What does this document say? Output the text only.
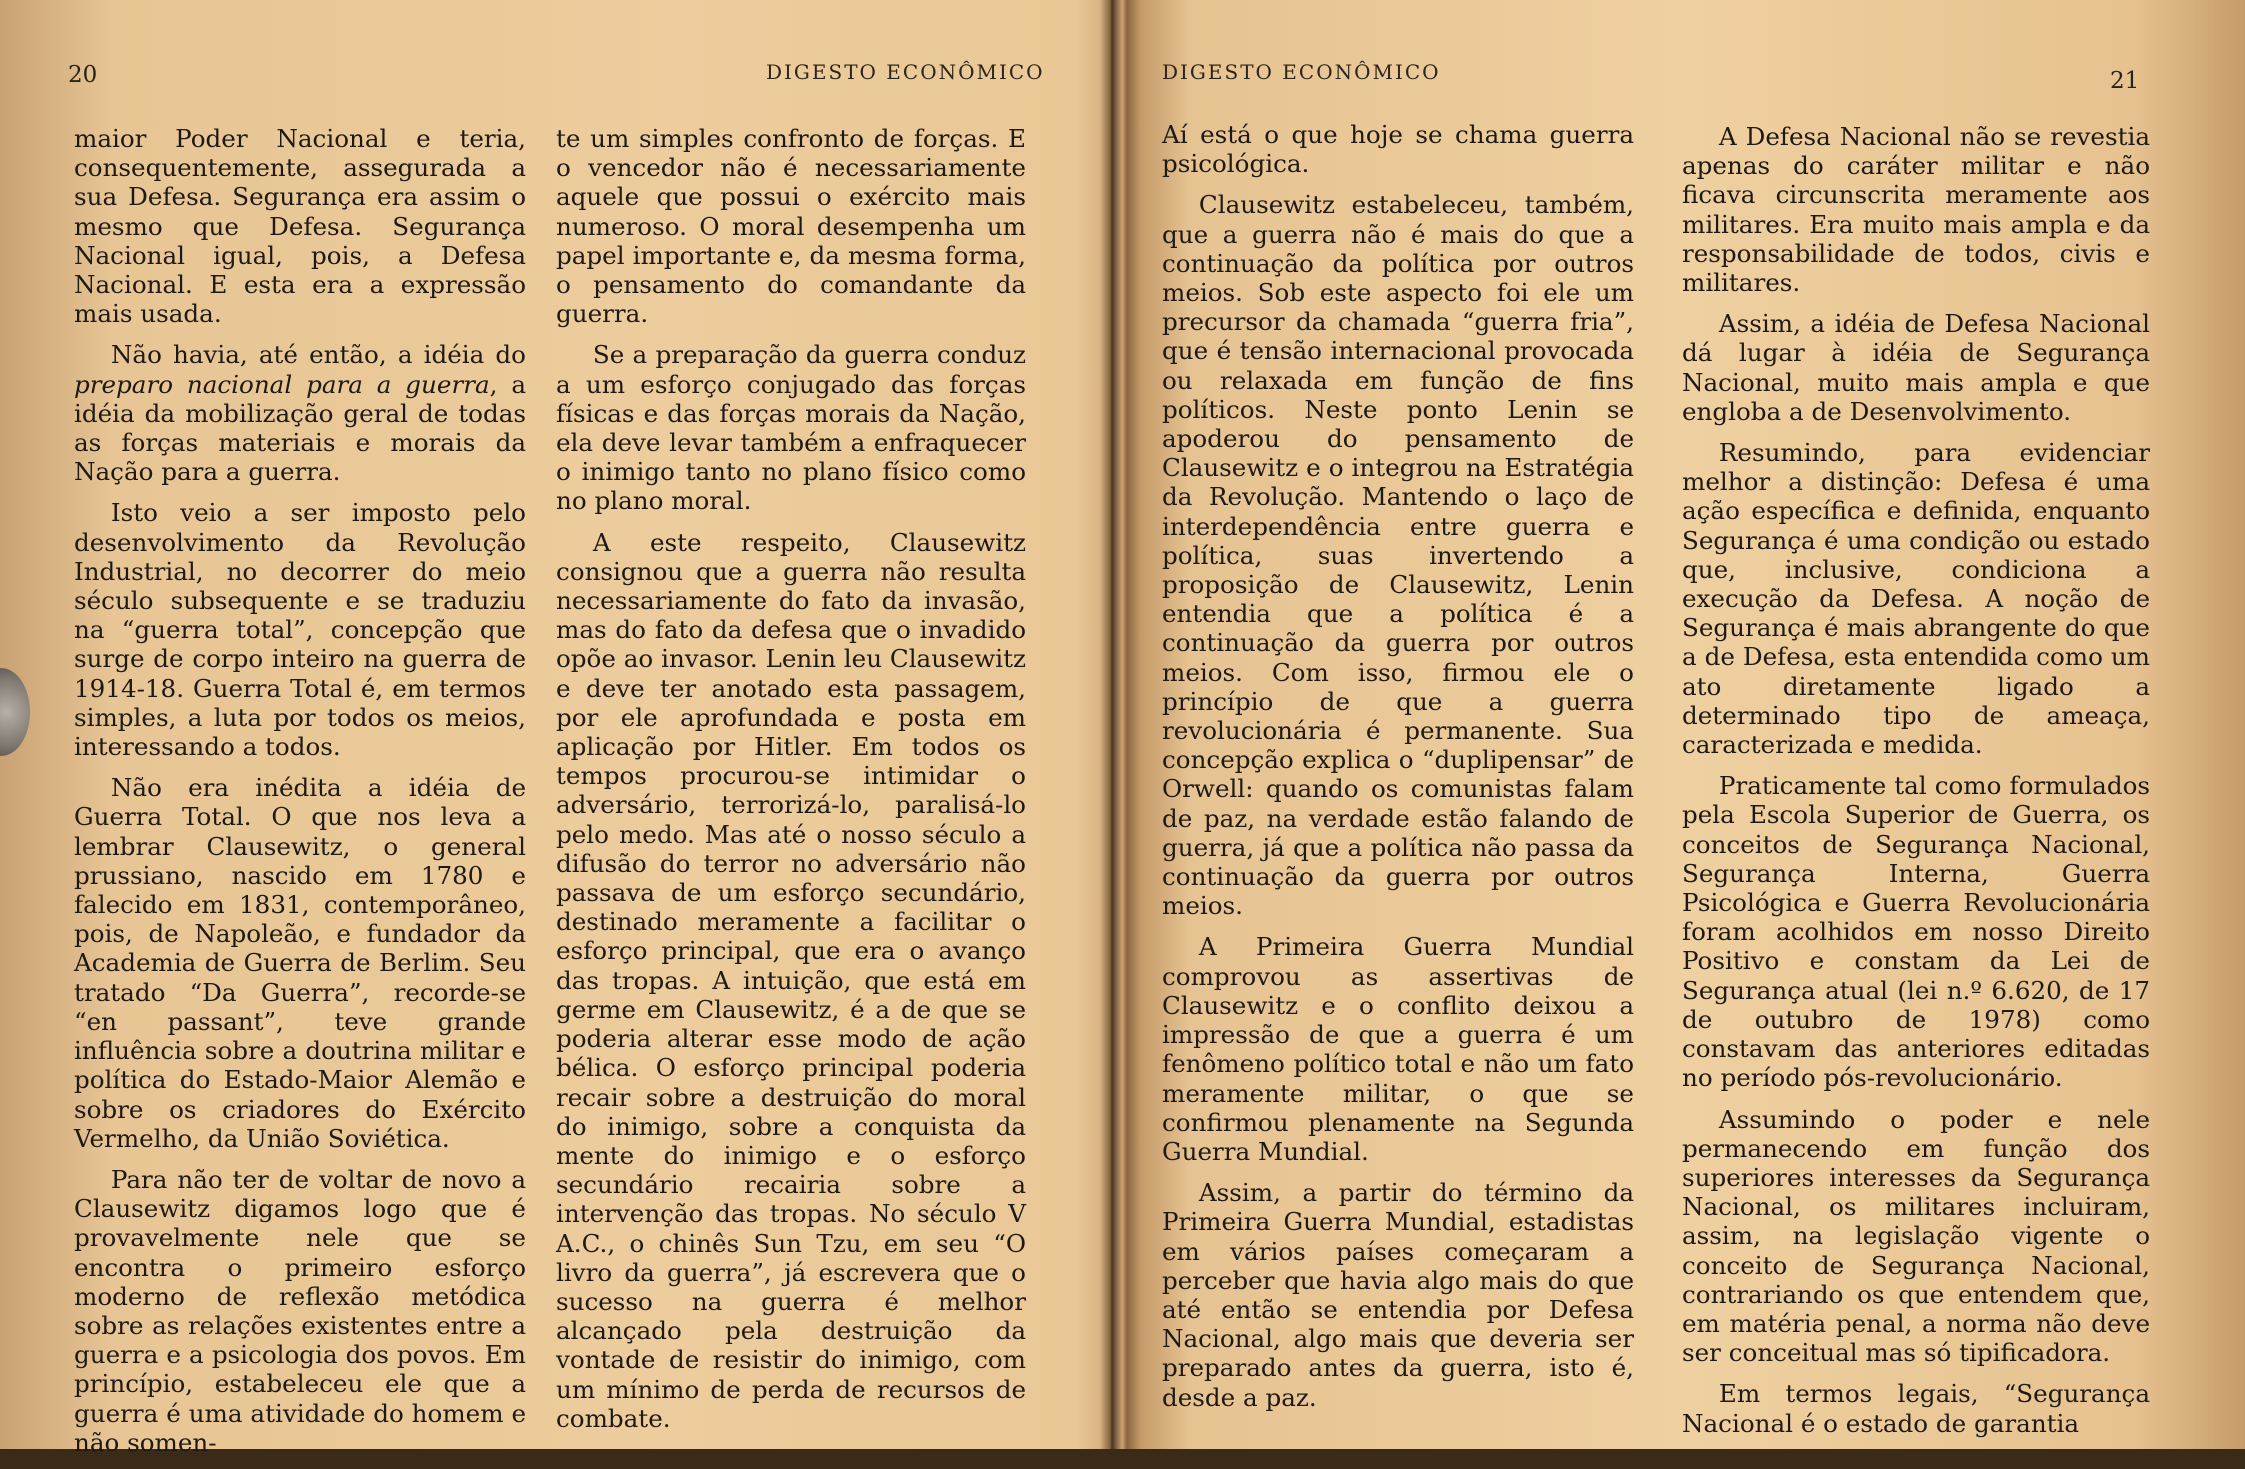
20	DIGESTO ECONÔMICO

maior Poder Nacional e teria, consequentemente, assegurada a sua Defesa. Segurança era assim o mesmo que Defesa. Segurança Nacional igual, pois, a Defesa Nacional. E esta era a expressão mais usada.

Não havia, até então, a idéia do preparo nacional para a guerra, a idéia da mobilização geral de todas as forças materiais e morais da Nação para a guerra.

Isto veio a ser imposto pelo desenvolvimento da Revolução Industrial, no decorrer do meio século subsequente e se traduziu na “guerra total”, concepção que surge de corpo inteiro na guerra de 1914-18. Guerra Total é, em termos simples, a luta por todos os meios, interessando a todos.

Não era inédita a idéia de Guerra Total. O que nos leva a lembrar Clausewitz, o general prussiano, nascido em 1780 e falecido em 1831, contemporâneo, pois, de Napoleão, e fundador da Academia de Guerra de Berlim. Seu tratado “Da Guerra”, recorde-se “en passant”, teve grande influência sobre a doutrina militar e política do Estado-Maior Alemão e sobre os criadores do Exército Vermelho, da União Soviética.

Para não ter de voltar de novo a Clausewitz digamos logo que é provavelmente nele que se encontra o primeiro esforço moderno de reflexão metódica sobre as relações existentes entre a guerra e a psicologia dos povos. Em princípio, estabeleceu ele que a guerra é uma atividade do homem e não somen-

te um simples confronto de forças. E o vencedor não é necessariamente aquele que possui o exército mais numeroso. O moral desempenha um papel importante e, da mesma forma, o pensamento do comandante da guerra.

Se a preparação da guerra conduz a um esforço conjugado das forças físicas e das forças morais da Nação, ela deve levar também a enfraquecer o inimigo tanto no plano físico como no plano moral.

A este respeito, Clausewitz consignou que a guerra não resulta necessariamente do fato da invasão, mas do fato da defesa que o invadido opõe ao invasor. Lenin leu Clausewitz e deve ter anotado esta passagem, por ele aprofundada e posta em aplicação por Hitler. Em todos os tempos procurou-se intimidar o adversário, terrorizá-lo, paralisá-lo pelo medo. Mas até o nosso século a difusão do terror no adversário não passava de um esforço secundário, destinado meramente a facilitar o esforço principal, que era o avanço das tropas. A intuição, que está em germe em Clausewitz, é a de que se poderia alterar esse modo de ação bélica. O esforço principal poderia recair sobre a destruição do moral do inimigo, sobre a conquista da mente do inimigo e o esforço secundário recairia sobre a intervenção das tropas. No século V A.C., o chinês Sun Tzu, em seu “O livro da guerra”, já escrevera que o sucesso na guerra é melhor alcançado pela destruição da vontade de resistir do inimigo, com um mínimo de perda de recursos de combate.

DIGESTO ECONÔMICO	21

Aí está o que hoje se chama guerra psicológica.

Clausewitz estabeleceu, também, que a guerra não é mais do que a continuação da política por outros meios. Sob este aspecto foi ele um precursor da chamada “guerra fria”, que é tensão internacional provocada ou relaxada em função de fins políticos. Neste ponto Lenin se apoderou do pensamento de Clausewitz e o integrou na Estratégia da Revolução. Mantendo o laço de interdependência entre guerra e política, suas invertendo a proposição de Clausewitz, Lenin entendia que a política é a continuação da guerra por outros meios. Com isso, firmou ele o princípio de que a guerra revolucionária é permanente. Sua concepção explica o “duplipensar” de Orwell: quando os comunistas falam de paz, na verdade estão falando de guerra, já que a política não passa da continuação da guerra por outros meios.

A Primeira Guerra Mundial comprovou as assertivas de Clausewitz e o conflito deixou a impressão de que a guerra é um fenômeno político total e não um fato meramente militar, o que se confirmou plenamente na Segunda Guerra Mundial.

Assim, a partir do término da Primeira Guerra Mundial, estadistas em vários países começaram a perceber que havia algo mais do que até então se entendia por Defesa Nacional, algo mais que deveria ser preparado antes da guerra, isto é, desde a paz.

A Defesa Nacional não se revestia apenas do caráter militar e não ficava circunscrita meramente aos militares. Era muito mais ampla e da responsabilidade de todos, civis e militares.

Assim, a idéia de Defesa Nacional dá lugar à idéia de Segurança Nacional, muito mais ampla e que engloba a de Desenvolvimento.

Resumindo, para evidenciar melhor a distinção: Defesa é uma ação específica e definida, enquanto Segurança é uma condição ou estado que, inclusive, condiciona a execução da Defesa. A noção de Segurança é mais abrangente do que a de Defesa, esta entendida como um ato diretamente ligado a determinado tipo de ameaça, caracterizada e medida.

Praticamente tal como formulados pela Escola Superior de Guerra, os conceitos de Segurança Nacional, Segurança Interna, Guerra Psicológica e Guerra Revolucionária foram acolhidos em nosso Direito Positivo e constam da Lei de Segurança atual (lei n.º 6.620, de 17 de outubro de 1978) como constavam das anteriores editadas no período pós-revolucionário.

Assumindo o poder e nele permanecendo em função dos superiores interesses da Segurança Nacional, os militares incluiram, assim, na legislação vigente o conceito de Segurança Nacional, contrariando os que entendem que, em matéria penal, a norma não deve ser conceitual mas só tipificadora.

Em termos legais, “Segurança Nacional é o estado de garantia
